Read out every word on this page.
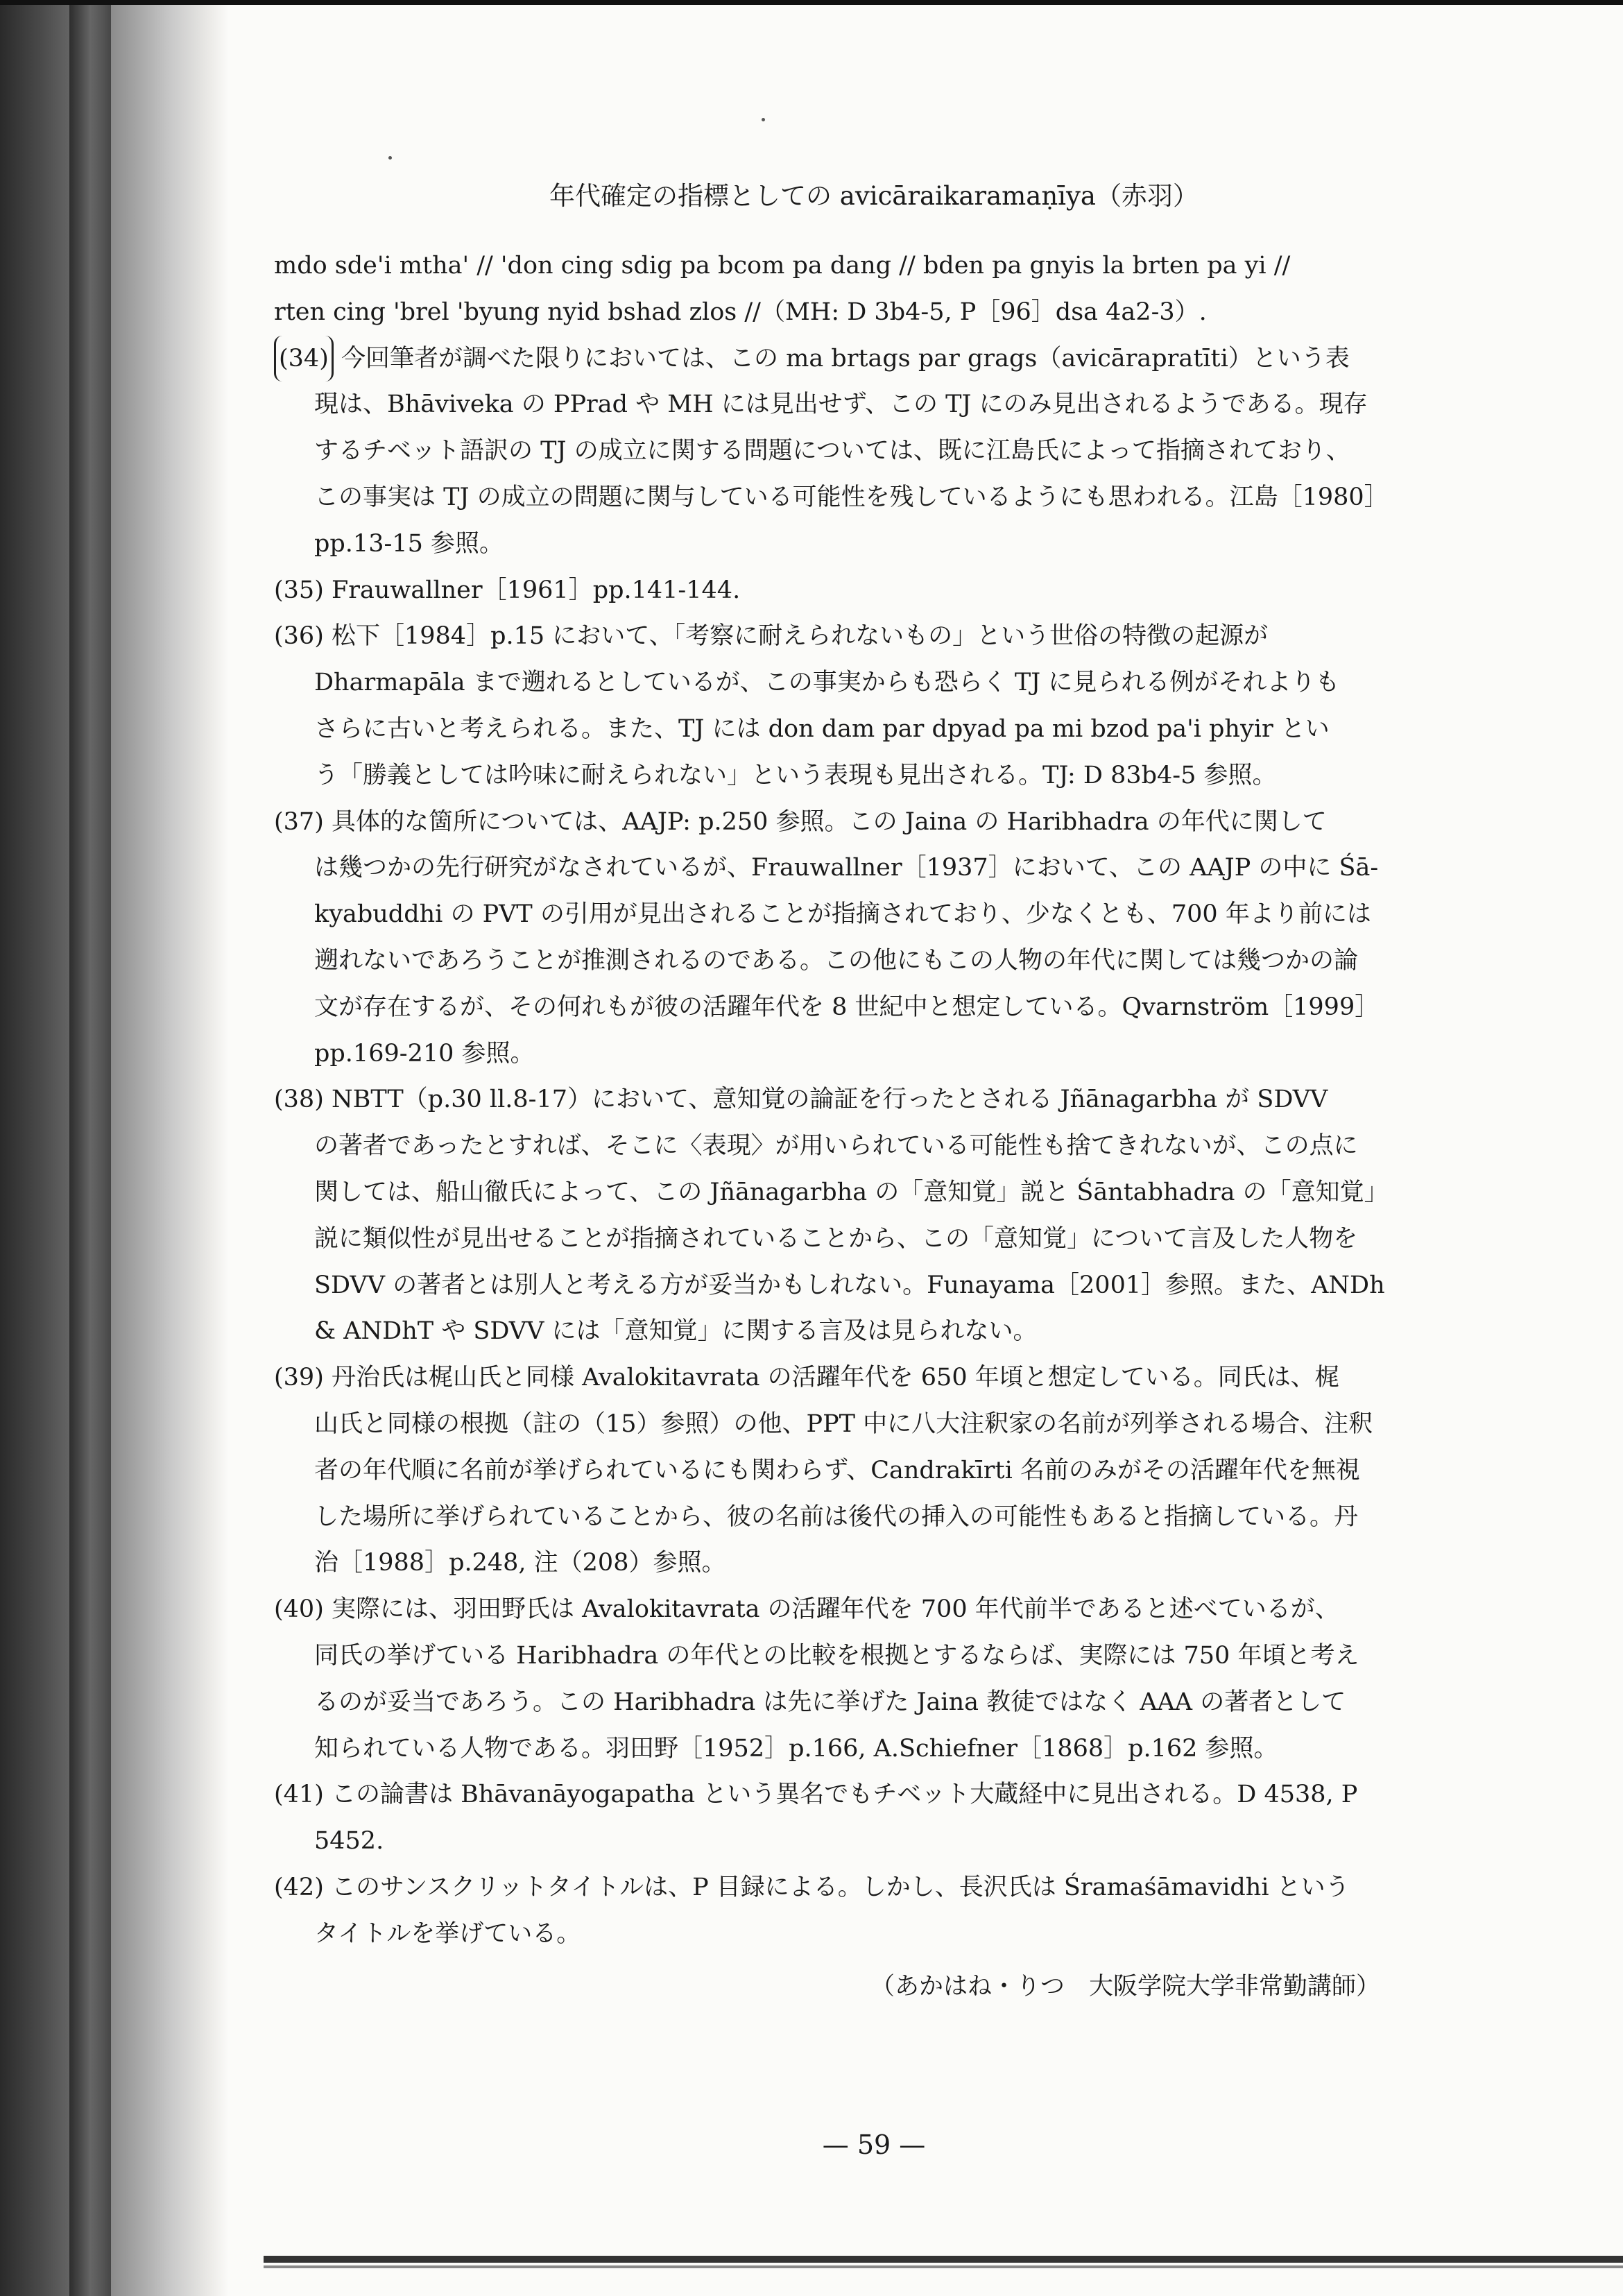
年代確定の指標としての avicāraikaramaṇīya（赤羽）
mdo sde'i mtha' // 'don cing sdig pa bcom pa dang // bden pa gnyis la brten pa yi //
rten cing 'brel 'byung nyid bshad zlos //（MH: D 3b4-5, P［96］dsa 4a2-3）.
(34) 今回筆者が調べた限りにおいては、この ma brtags par grags（avicārapratīti）という表
現は、Bhāviveka の PPrad や MH には見出せず、この TJ にのみ見出されるようである。現存
するチベット語訳の TJ の成立に関する問題については、既に江島氏によって指摘されており、
この事実は TJ の成立の問題に関与している可能性を残しているようにも思われる。江島［1980］
pp.13-15 参照。
(35) Frauwallner［1961］pp.141-144.
(36) 松下［1984］p.15 において、「考察に耐えられないもの」という世俗の特徴の起源が
Dharmapāla まで遡れるとしているが、この事実からも恐らく TJ に見られる例がそれよりも
さらに古いと考えられる。また、TJ には don dam par dpyad pa mi bzod pa'i phyir とい
う「勝義としては吟味に耐えられない」という表現も見出される。TJ: D 83b4-5 参照。
(37) 具体的な箇所については、AAJP: p.250 参照。この Jaina の Haribhadra の年代に関して
は幾つかの先行研究がなされているが、Frauwallner［1937］において、この AAJP の中に Śā-
kyabuddhi の PVT の引用が見出されることが指摘されており、少なくとも、700 年より前には
遡れないであろうことが推測されるのである。この他にもこの人物の年代に関しては幾つかの論
文が存在するが、その何れもが彼の活躍年代を 8 世紀中と想定している。Qvarnström［1999］
pp.169-210 参照。
(38) NBTT（p.30 ll.8-17）において、意知覚の論証を行ったとされる Jñānagarbha が SDVV
の著者であったとすれば、そこに〈表現〉が用いられている可能性も捨てきれないが、この点に
関しては、船山徹氏によって、この Jñānagarbha の「意知覚」説と Śāntabhadra の「意知覚」
説に類似性が見出せることが指摘されていることから、この「意知覚」について言及した人物を
SDVV の著者とは別人と考える方が妥当かもしれない。Funayama［2001］参照。また、ANDh
& ANDhT や SDVV には「意知覚」に関する言及は見られない。
(39) 丹治氏は梶山氏と同様 Avalokitavrata の活躍年代を 650 年頃と想定している。同氏は、梶
山氏と同様の根拠（註の（15）参照）の他、PPT 中に八大注釈家の名前が列挙される場合、注釈
者の年代順に名前が挙げられているにも関わらず、Candrakīrti 名前のみがその活躍年代を無視
した場所に挙げられていることから、彼の名前は後代の挿入の可能性もあると指摘している。丹
治［1988］p.248, 注（208）参照。
(40) 実際には、羽田野氏は Avalokitavrata の活躍年代を 700 年代前半であると述べているが、
同氏の挙げている Haribhadra の年代との比較を根拠とするならば、実際には 750 年頃と考え
るのが妥当であろう。この Haribhadra は先に挙げた Jaina 教徒ではなく AAA の著者として
知られている人物である。羽田野［1952］p.166, A.Schiefner［1868］p.162 参照。
(41) この論書は Bhāvanāyogapatha という異名でもチベット大蔵経中に見出される。D 4538, P
5452.
(42) このサンスクリットタイトルは、P 目録による。しかし、長沢氏は Śramaśāmavidhi という
タイトルを挙げている。
（あかはね・りつ　大阪学院大学非常勤講師）
— 59 —
